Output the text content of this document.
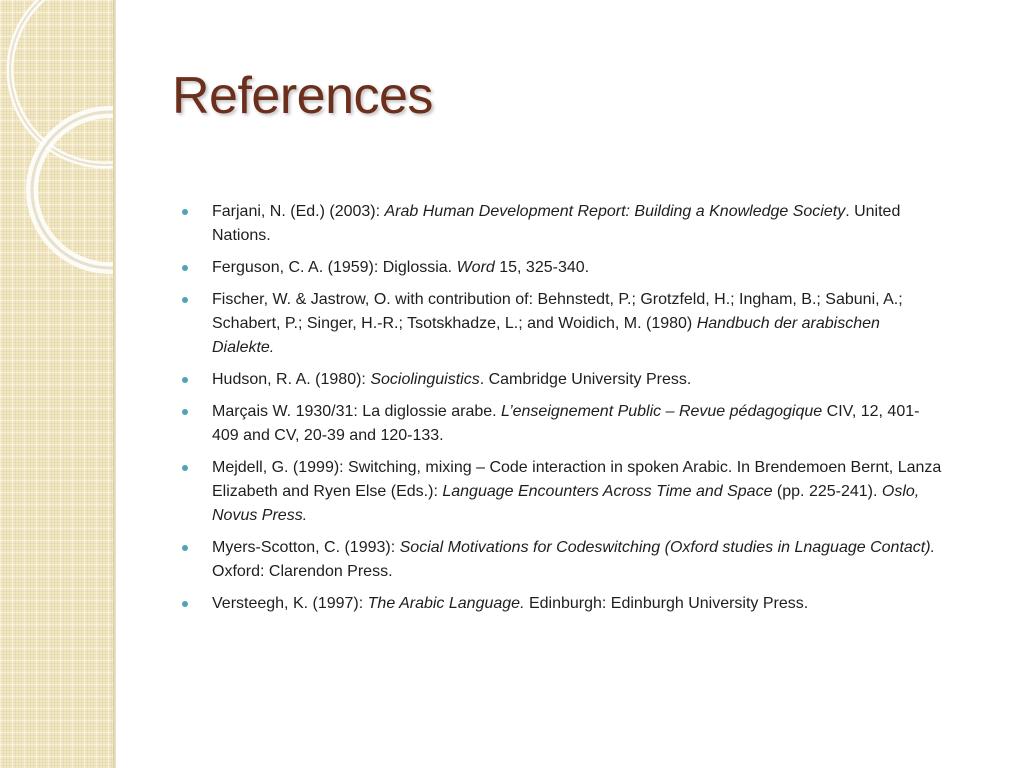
References
Farjani, N. (Ed.) (2003): Arab Human Development Report: Building a Knowledge Society. United Nations.
Ferguson, C. A. (1959): Diglossia. Word 15, 325-340.
Fischer, W. & Jastrow, O. with contribution of: Behnstedt, P.; Grotzfeld, H.; Ingham, B.; Sabuni, A.; Schabert, P.; Singer, H.-R.; Tsotskhadze, L.; and Woidich, M. (1980) Handbuch der arabischen Dialekte.
Hudson, R. A. (1980): Sociolinguistics. Cambridge University Press.
Marçais W. 1930/31: La diglossie arabe. L’enseignement Public – Revue pédagogique CIV, 12, 401-409 and CV, 20-39 and 120-133.
Mejdell, G. (1999): Switching, mixing – Code interaction in spoken Arabic. In Brendemoen Bernt, Lanza Elizabeth and Ryen Else (Eds.): Language Encounters Across Time and Space (pp. 225-241). Oslo, Novus Press.
Myers-Scotton, C. (1993): Social Motivations for Codeswitching (Oxford studies in Lnaguage Contact). Oxford: Clarendon Press.
Versteegh, K. (1997): The Arabic Language. Edinburgh: Edinburgh University Press.
